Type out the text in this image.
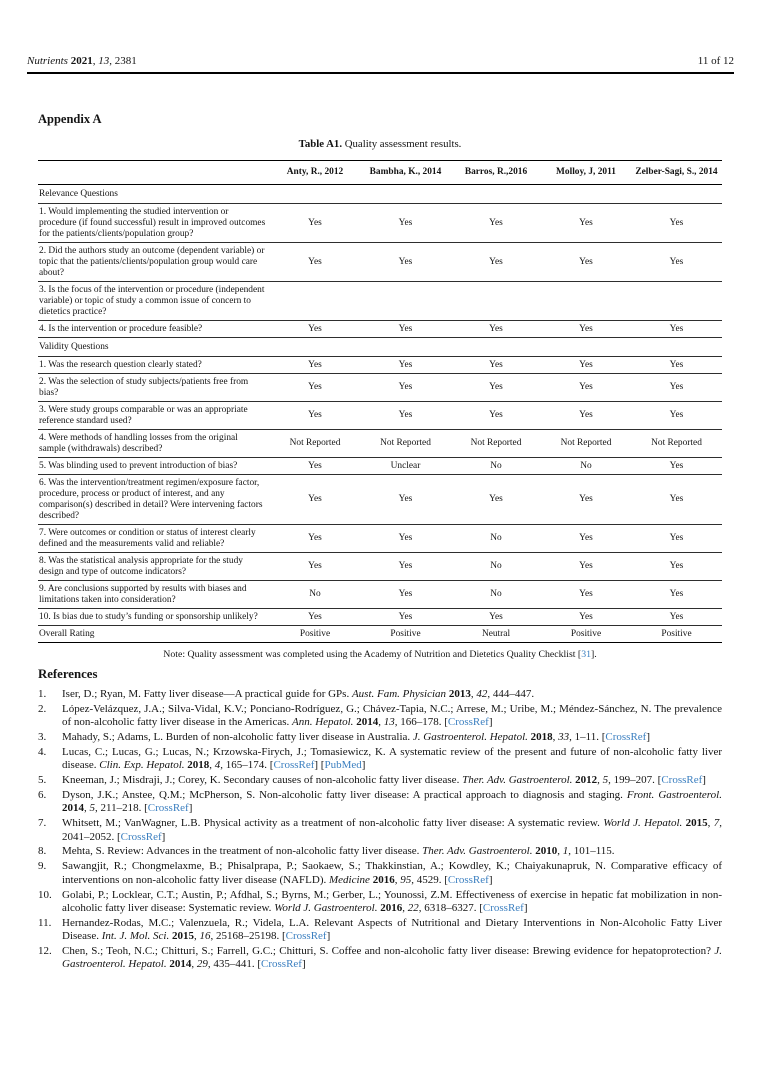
Nutrients 2021, 13, 2381	11 of 12
Appendix A
Table A1. Quality assessment results.
	Anty, R., 2012	Bambha, K., 2014	Barros, R.,2016	Molloy, J, 2011	Zelber-Sagi, S., 2014
Relevance Questions					
1. Would implementing the studied intervention or procedure (if found successful) result in improved outcomes for the patients/clients/population group?	Yes	Yes	Yes	Yes	Yes
2. Did the authors study an outcome (dependent variable) or topic that the patients/clients/population group would care about?	Yes	Yes	Yes	Yes	Yes
3. Is the focus of the intervention or procedure (independent variable) or topic of study a common issue of concern to dietetics practice?					
4. Is the intervention or procedure feasible?	Yes	Yes	Yes	Yes	Yes
Validity Questions					
1. Was the research question clearly stated?	Yes	Yes	Yes	Yes	Yes
2. Was the selection of study subjects/patients free from bias?	Yes	Yes	Yes	Yes	Yes
3. Were study groups comparable or was an appropriate reference standard used?	Yes	Yes	Yes	Yes	Yes
4. Were methods of handling losses from the original sample (withdrawals) described?	Not Reported	Not Reported	Not Reported	Not Reported	Not Reported
5. Was blinding used to prevent introduction of bias?	Yes	Unclear	No	No	Yes
6. Was the intervention/treatment regimen/exposure factor, procedure, process or product of interest, and any comparison(s) described in detail? Were intervening factors described?	Yes	Yes	Yes	Yes	Yes
7. Were outcomes or condition or status of interest clearly defined and the measurements valid and reliable?	Yes	Yes	No	Yes	Yes
8. Was the statistical analysis appropriate for the study design and type of outcome indicators?	Yes	Yes	No	Yes	Yes
9. Are conclusions supported by results with biases and limitations taken into consideration?	No	Yes	No	Yes	Yes
10. Is bias due to study’s funding or sponsorship unlikely?	Yes	Yes	Yes	Yes	Yes
Overall Rating	Positive	Positive	Neutral	Positive	Positive
Note: Quality assessment was completed using the Academy of Nutrition and Dietetics Quality Checklist [31].
References
1. Iser, D.; Ryan, M. Fatty liver disease—A practical guide for GPs. Aust. Fam. Physician 2013, 42, 444–447.
2. López-Velázquez, J.A.; Silva-Vidal, K.V.; Ponciano-Rodríguez, G.; Chávez-Tapia, N.C.; Arrese, M.; Uribe, M.; Méndez-Sánchez, N. The prevalence of non-alcoholic fatty liver disease in the Americas. Ann. Hepatol. 2014, 13, 166–178. [CrossRef]
3. Mahady, S.; Adams, L. Burden of non-alcoholic fatty liver disease in Australia. J. Gastroenterol. Hepatol. 2018, 33, 1–11. [CrossRef]
4. Lucas, C.; Lucas, G.; Lucas, N.; Krzowska-Firych, J.; Tomasiewicz, K. A systematic review of the present and future of non-alcoholic fatty liver disease. Clin. Exp. Hepatol. 2018, 4, 165–174. [CrossRef] [PubMed]
5. Kneeman, J.; Misdraji, J.; Corey, K. Secondary causes of non-alcoholic fatty liver disease. Ther. Adv. Gastroenterol. 2012, 5, 199–207. [CrossRef]
6. Dyson, J.K.; Anstee, Q.M.; McPherson, S. Non-alcoholic fatty liver disease: A practical approach to diagnosis and staging. Front. Gastroenterol. 2014, 5, 211–218. [CrossRef]
7. Whitsett, M.; VanWagner, L.B. Physical activity as a treatment of non-alcoholic fatty liver disease: A systematic review. World J. Hepatol. 2015, 7, 2041–2052. [CrossRef]
8. Mehta, S. Review: Advances in the treatment of non-alcoholic fatty liver disease. Ther. Adv. Gastroenterol. 2010, 1, 101–115.
9. Sawangjit, R.; Chongmelaxme, B.; Phisalprapa, P.; Saokaew, S.; Thakkinstian, A.; Kowdley, K.; Chaiyakunapruk, N. Comparative efficacy of interventions on non-alcoholic fatty liver disease (NAFLD). Medicine 2016, 95, 4529. [CrossRef]
10. Golabi, P.; Locklear, C.T.; Austin, P.; Afdhal, S.; Byrns, M.; Gerber, L.; Younossi, Z.M. Effectiveness of exercise in hepatic fat mobilization in non-alcoholic fatty liver disease: Systematic review. World J. Gastroenterol. 2016, 22, 6318–6327. [CrossRef]
11. Hernandez-Rodas, M.C.; Valenzuela, R.; Videla, L.A. Relevant Aspects of Nutritional and Dietary Interventions in Non-Alcoholic Fatty Liver Disease. Int. J. Mol. Sci. 2015, 16, 25168–25198. [CrossRef]
12. Chen, S.; Teoh, N.C.; Chitturi, S.; Farrell, G.C.; Chitturi, S. Coffee and non-alcoholic fatty liver disease: Brewing evidence for hepatoprotection? J. Gastroenterol. Hepatol. 2014, 29, 435–441. [CrossRef]
